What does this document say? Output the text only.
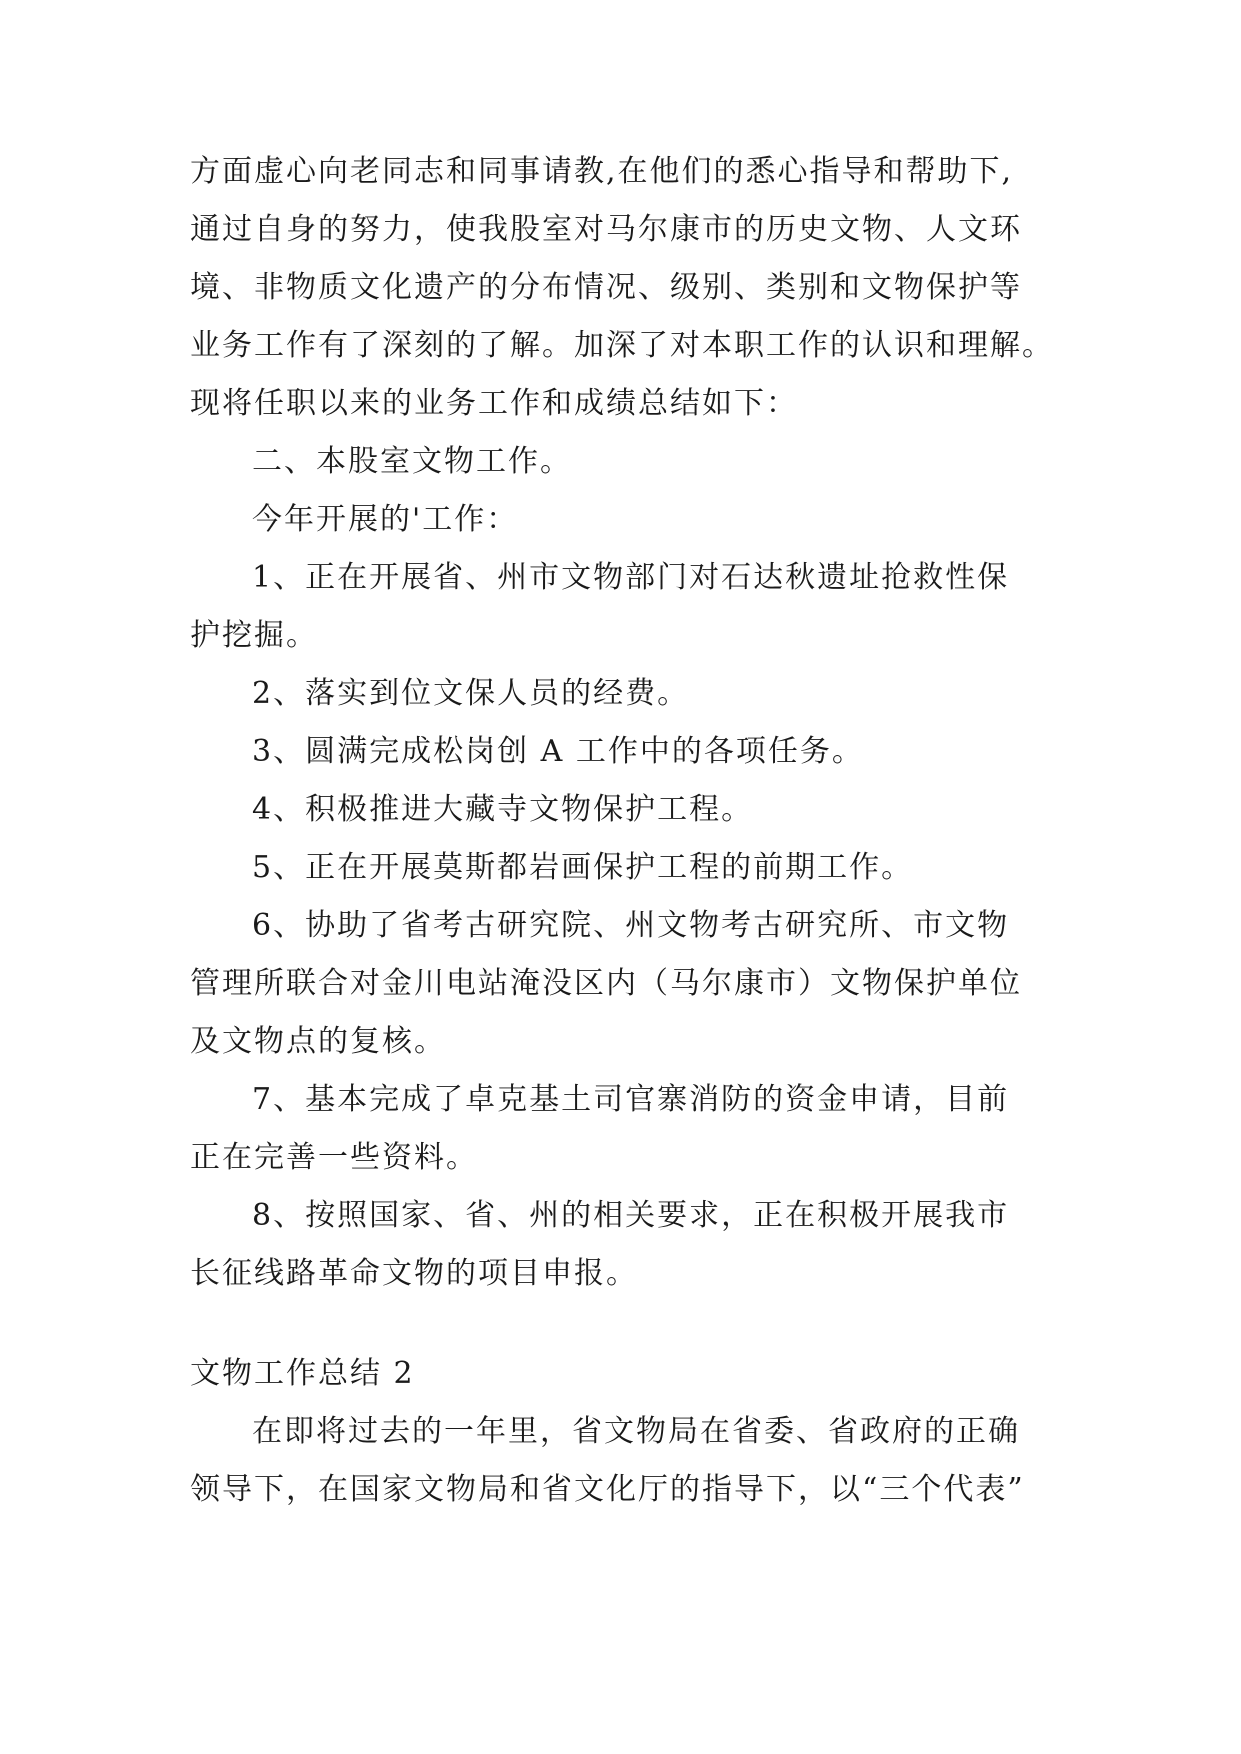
方面虚心向老同志和同事请教,在他们的悉心指导和帮助下,
通过自身的努力，使我股室对马尔康市的历史文物、人文环
境、非物质文化遗产的分布情况、级别、类别和文物保护等
业务工作有了深刻的了解。加深了对本职工作的认识和理解。
现将任职以来的业务工作和成绩总结如下：
二、本股室文物工作。
今年开展的'工作：
1、正在开展省、州市文物部门对石达秋遗址抢救性保
护挖掘。
2、落实到位文保人员的经费。
3、圆满完成松岗创 A 工作中的各项任务。
4、积极推进大藏寺文物保护工程。
5、正在开展莫斯都岩画保护工程的前期工作。
6、协助了省考古研究院、州文物考古研究所、市文物
管理所联合对金川电站淹没区内（马尔康市）文物保护单位
及文物点的复核。
7、基本完成了卓克基土司官寨消防的资金申请，目前
正在完善一些资料。
8、按照国家、省、州的相关要求，正在积极开展我市
长征线路革命文物的项目申报。
文物工作总结 2
在即将过去的一年里，省文物局在省委、省政府的正确
领导下，在国家文物局和省文化厅的指导下，以“三个代表”
